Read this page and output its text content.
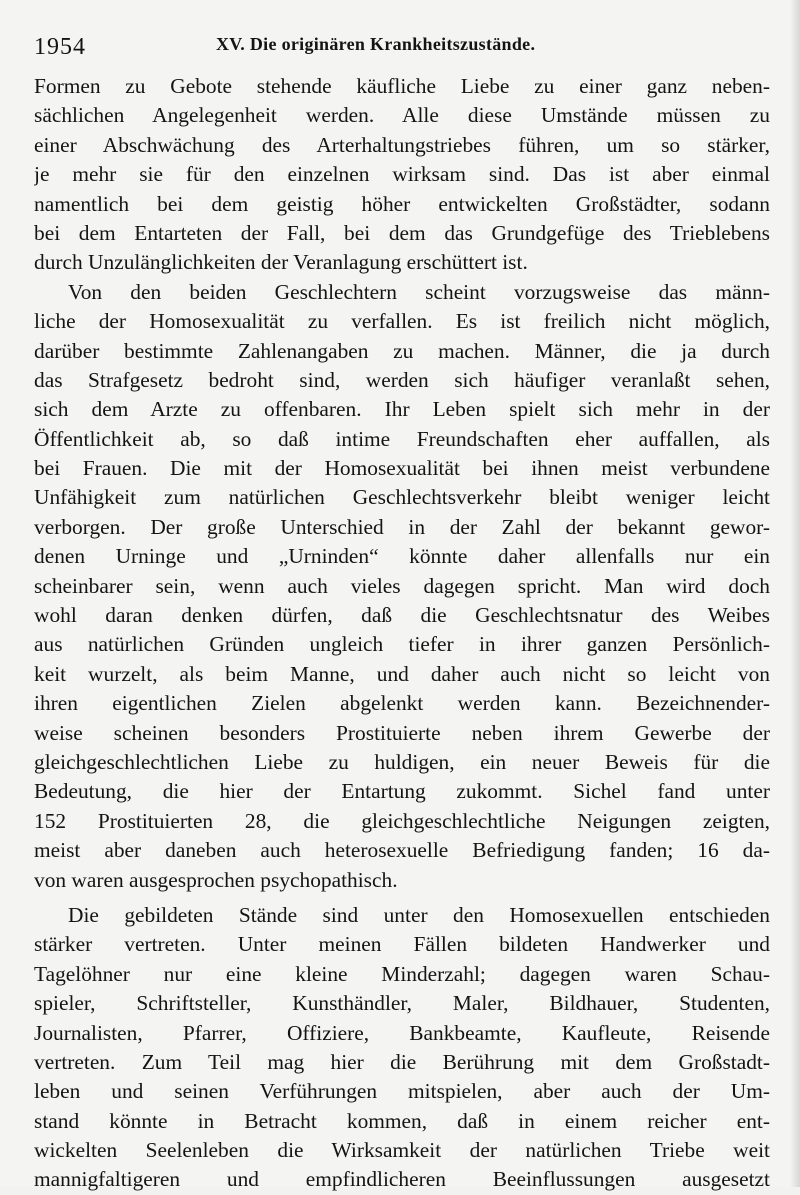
1954	XV. Die originären Krankheitszustände.
Formen zu Gebote stehende käufliche Liebe zu einer ganz neben-
sächlichen Angelegenheit werden. Alle diese Umstände müssen zu
einer Abschwächung des Arterhaltungstriebes führen, um so stärker,
je mehr sie für den einzelnen wirksam sind. Das ist aber einmal
namentlich bei dem geistig höher entwickelten Großstädter, sodann
bei dem Entarteten der Fall, bei dem das Grundgefüge des Trieblebens
durch Unzulänglichkeiten der Veranlagung erschüttert ist.
Von den beiden Geschlechtern scheint vorzugsweise das männ-
liche der Homosexualität zu verfallen. Es ist freilich nicht möglich,
darüber bestimmte Zahlenangaben zu machen. Männer, die ja durch
das Strafgesetz bedroht sind, werden sich häufiger veranlaßt sehen,
sich dem Arzte zu offenbaren. Ihr Leben spielt sich mehr in der
Öffentlichkeit ab, so daß intime Freundschaften eher auffallen, als
bei Frauen. Die mit der Homosexualität bei ihnen meist verbundene
Unfähigkeit zum natürlichen Geschlechtsverkehr bleibt weniger leicht
verborgen. Der große Unterschied in der Zahl der bekannt gewor-
denen Urninge und „Urninden“ könnte daher allenfalls nur ein
scheinbarer sein, wenn auch vieles dagegen spricht. Man wird doch
wohl daran denken dürfen, daß die Geschlechtsnatur des Weibes
aus natürlichen Gründen ungleich tiefer in ihrer ganzen Persönlich-
keit wurzelt, als beim Manne, und daher auch nicht so leicht von
ihren eigentlichen Zielen abgelenkt werden kann. Bezeichnender-
weise scheinen besonders Prostituierte neben ihrem Gewerbe der
gleichgeschlechtlichen Liebe zu huldigen, ein neuer Beweis für die
Bedeutung, die hier der Entartung zukommt. Sichel fand unter
152 Prostituierten 28, die gleichgeschlechtliche Neigungen zeigten,
meist aber daneben auch heterosexuelle Befriedigung fanden; 16 da-
von waren ausgesprochen psychopathisch.
Die gebildeten Stände sind unter den Homosexuellen entschieden
stärker vertreten. Unter meinen Fällen bildeten Handwerker und
Tagelöhner nur eine kleine Minderzahl; dagegen waren Schau-
spieler, Schriftsteller, Kunsthändler, Maler, Bildhauer, Studenten,
Journalisten, Pfarrer, Offiziere, Bankbeamte, Kaufleute, Reisende
vertreten. Zum Teil mag hier die Berührung mit dem Großstadt-
leben und seinen Verführungen mitspielen, aber auch der Um-
stand könnte in Betracht kommen, daß in einem reicher ent-
wickelten Seelenleben die Wirksamkeit der natürlichen Triebe weit
mannigfaltigeren und empfindlicheren Beeinflussungen ausgesetzt
